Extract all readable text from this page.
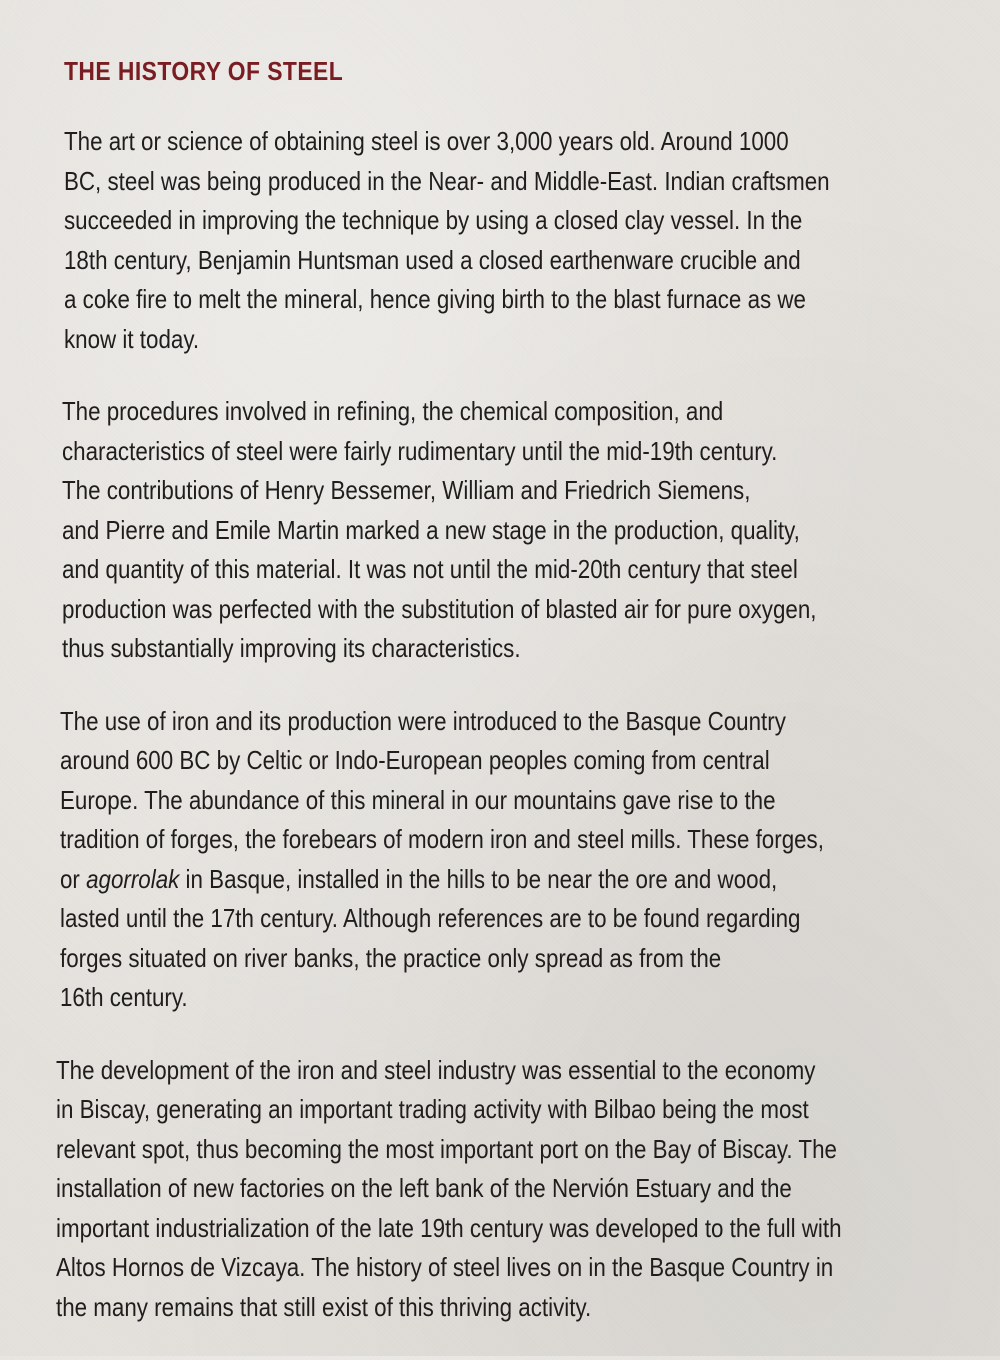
THE HISTORY OF STEEL

The art or science of obtaining steel is over 3,000 years old. Around 1000
BC, steel was being produced in the Near- and Middle-East. Indian craftsmen
succeeded in improving the technique by using a closed clay vessel. In the
18th century, Benjamin Huntsman used a closed earthenware crucible and
a coke fire to melt the mineral, hence giving birth to the blast furnace as we
know it today.

The procedures involved in refining, the chemical composition, and
characteristics of steel were fairly rudimentary until the mid-19th century.
The contributions of Henry Bessemer, William and Friedrich Siemens,
and Pierre and Emile Martin marked a new stage in the production, quality,
and quantity of this material. It was not until the mid-20th century that steel
production was perfected with the substitution of blasted air for pure oxygen,
thus substantially improving its characteristics.

The use of iron and its production were introduced to the Basque Country
around 600 BC by Celtic or Indo-European peoples coming from central
Europe. The abundance of this mineral in our mountains gave rise to the
tradition of forges, the forebears of modern iron and steel mills. These forges,
or agorrolak in Basque, installed in the hills to be near the ore and wood,
lasted until the 17th century. Although references are to be found regarding
forges situated on river banks, the practice only spread as from the
16th century.

The development of the iron and steel industry was essential to the economy
in Biscay, generating an important trading activity with Bilbao being the most
relevant spot, thus becoming the most important port on the Bay of Biscay. The
installation of new factories on the left bank of the Nervión Estuary and the
important industrialization of the late 19th century was developed to the full with
Altos Hornos de Vizcaya. The history of steel lives on in the Basque Country in
the many remains that still exist of this thriving activity.
